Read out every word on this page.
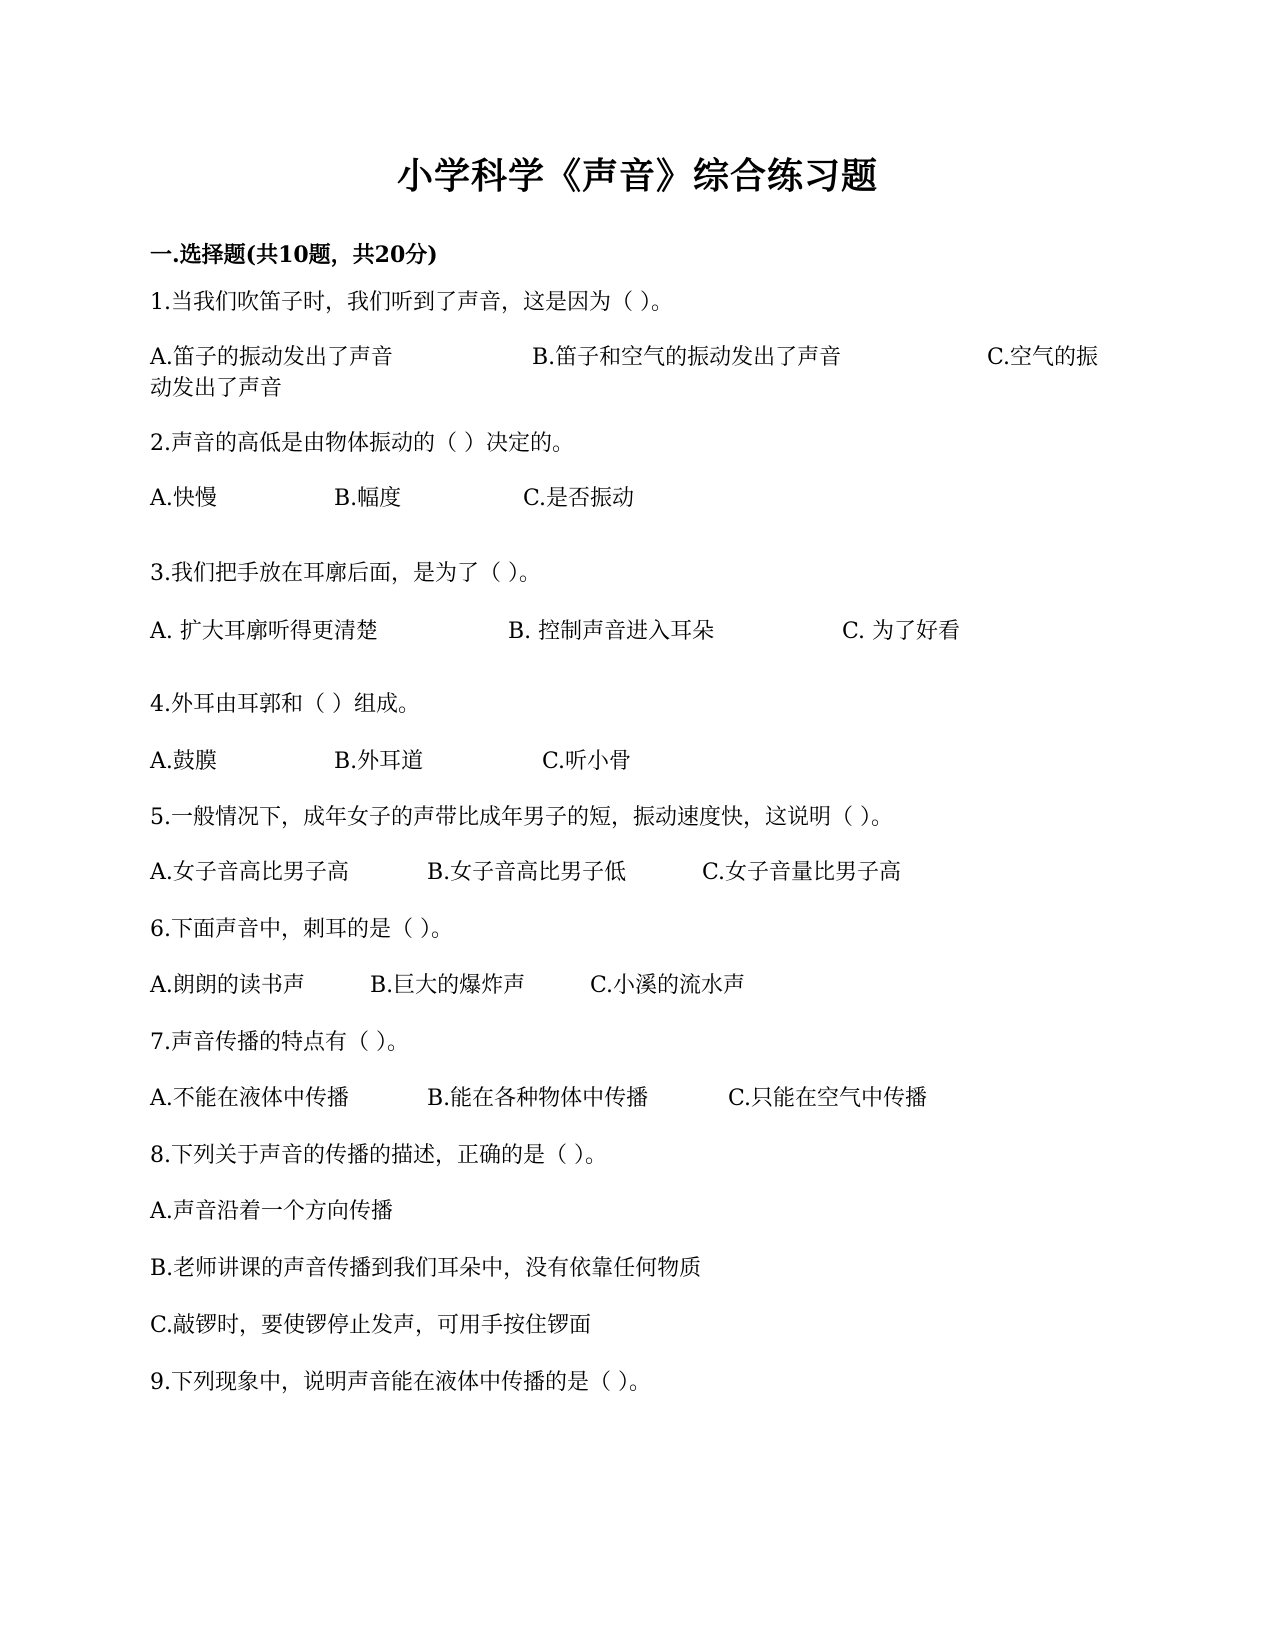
小学科学《声音》综合练习题
一.选择题(共10题，共20分)
1.当我们吹笛子时，我们听到了声音，这是因为（ ）。
A.笛子的振动发出了声音	B.笛子和空气的振动发出了声音	C.空气的振
动发出了声音
2.声音的高低是由物体振动的（ ）决定的。
A.快慢	B.幅度	C.是否振动
3.我们把手放在耳廓后面，是为了（ ）。
A. 扩大耳廓听得更清楚	B. 控制声音进入耳朵	C. 为了好看
4.外耳由耳郭和（ ）组成。
A.鼓膜	B.外耳道	C.听小骨
5.一般情况下，成年女子的声带比成年男子的短，振动速度快，这说明（ ）。
A.女子音高比男子高	B.女子音高比男子低	C.女子音量比男子高
6.下面声音中，刺耳的是（ ）。
A.朗朗的读书声	B.巨大的爆炸声	C.小溪的流水声
7.声音传播的特点有（ ）。
A.不能在液体中传播	B.能在各种物体中传播	C.只能在空气中传播
8.下列关于声音的传播的描述，正确的是（ ）。
A.声音沿着一个方向传播
B.老师讲课的声音传播到我们耳朵中，没有依靠任何物质
C.敲锣时，要使锣停止发声，可用手按住锣面
9.下列现象中，说明声音能在液体中传播的是（ ）。
